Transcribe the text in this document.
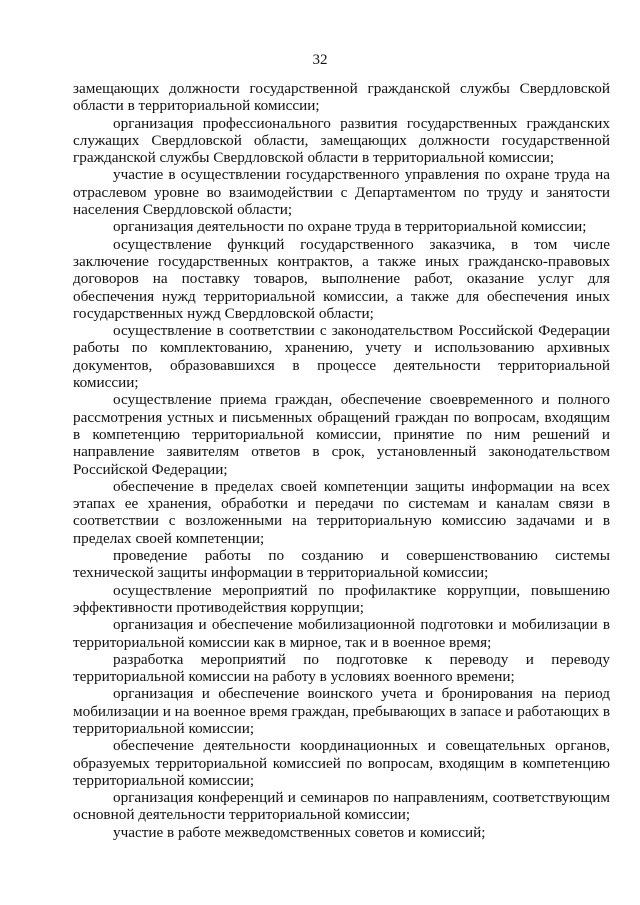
32

замещающих должности государственной гражданской службы Свердловской области в территориальной комиссии;

организация профессионального развития государственных гражданских служащих Свердловской области, замещающих должности государственной гражданской службы Свердловской области в территориальной комиссии;

участие в осуществлении государственного управления по охране труда на отраслевом уровне во взаимодействии с Департаментом по труду и занятости населения Свердловской области;

организация деятельности по охране труда в территориальной комиссии;

осуществление функций государственного заказчика, в том числе заключение государственных контрактов, а также иных гражданско-правовых договоров на поставку товаров, выполнение работ, оказание услуг для обеспечения нужд территориальной комиссии, а также для обеспечения иных государственных нужд Свердловской области;

осуществление в соответствии с законодательством Российской Федерации работы по комплектованию, хранению, учету и использованию архивных документов, образовавшихся в процессе деятельности территориальной комиссии;

осуществление приема граждан, обеспечение своевременного и полного рассмотрения устных и письменных обращений граждан по вопросам, входящим в компетенцию территориальной комиссии, принятие по ним решений и направление заявителям ответов в срок, установленный законодательством Российской Федерации;

обеспечение в пределах своей компетенции защиты информации на всех этапах ее хранения, обработки и передачи по системам и каналам связи в соответствии с возложенными на территориальную комиссию задачами и в пределах своей компетенции;

проведение работы по созданию и совершенствованию системы технической защиты информации в территориальной комиссии;

осуществление мероприятий по профилактике коррупции, повышению эффективности противодействия коррупции;

организация и обеспечение мобилизационной подготовки и мобилизации в территориальной комиссии как в мирное, так и в военное время;

разработка мероприятий по подготовке к переводу и переводу территориальной комиссии на работу в условиях военного времени;

организация и обеспечение воинского учета и бронирования на период мобилизации и на военное время граждан, пребывающих в запасе и работающих в территориальной комиссии;

обеспечение деятельности координационных и совещательных органов, образуемых территориальной комиссией по вопросам, входящим в компетенцию территориальной комиссии;

организация конференций и семинаров по направлениям, соответствующим основной деятельности территориальной комиссии;

участие в работе межведомственных советов и комиссий;
